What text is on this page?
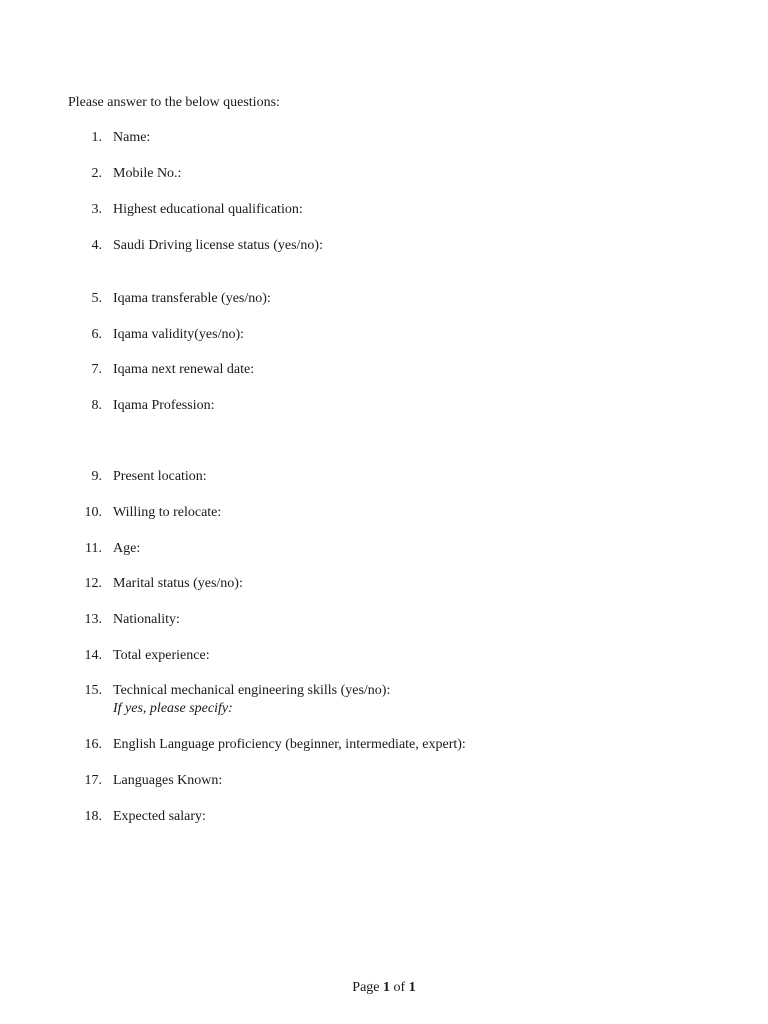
Please answer to the below questions:
1. Name:
2. Mobile No.:
3. Highest educational qualification:
4. Saudi Driving license status (yes/no):
5. Iqama transferable (yes/no):
6. Iqama validity(yes/no):
7. Iqama next renewal date:
8. Iqama Profession:
9. Present location:
10. Willing to relocate:
11. Age:
12. Marital status (yes/no):
13. Nationality:
14. Total experience:
15. Technical mechanical engineering skills (yes/no):
If yes, please specify:
16. English Language proficiency (beginner, intermediate, expert):
17. Languages Known:
18. Expected salary:
Page 1 of 1
